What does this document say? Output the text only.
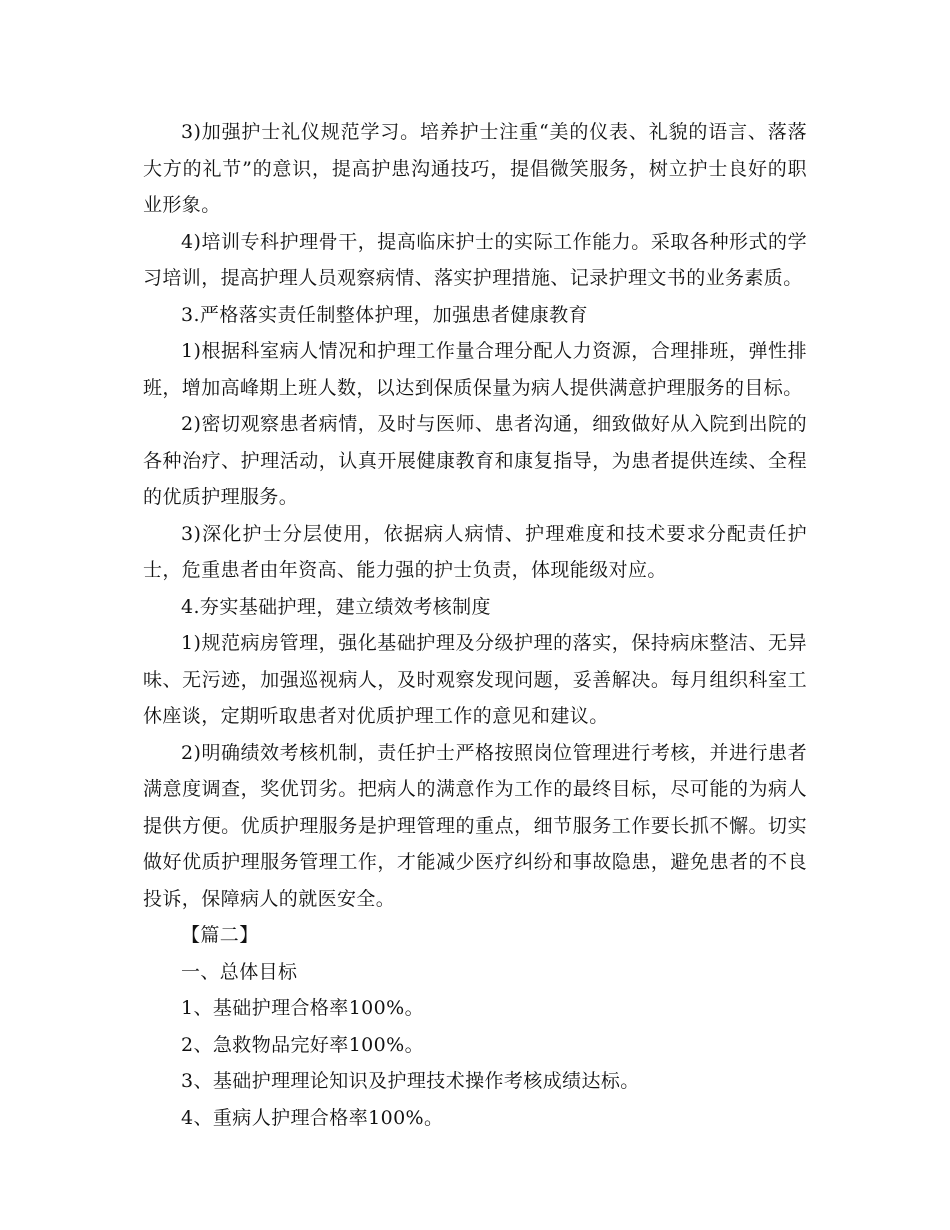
3)加强护士礼仪规范学习。培养护士注重“美的仪表、礼貌的语言、落落大方的礼节”的意识，提高护患沟通技巧，提倡微笑服务，树立护士良好的职业形象。

4)培训专科护理骨干，提高临床护士的实际工作能力。采取各种形式的学习培训，提高护理人员观察病情、落实护理措施、记录护理文书的业务素质。

3.严格落实责任制整体护理，加强患者健康教育

1)根据科室病人情况和护理工作量合理分配人力资源，合理排班，弹性排班，增加高峰期上班人数，以达到保质保量为病人提供满意护理服务的目标。

2)密切观察患者病情，及时与医师、患者沟通，细致做好从入院到出院的各种治疗、护理活动，认真开展健康教育和康复指导，为患者提供连续、全程的优质护理服务。

3)深化护士分层使用，依据病人病情、护理难度和技术要求分配责任护士，危重患者由年资高、能力强的护士负责，体现能级对应。

4.夯实基础护理，建立绩效考核制度

1)规范病房管理，强化基础护理及分级护理的落实，保持病床整洁、无异味、无污迹，加强巡视病人，及时观察发现问题，妥善解决。每月组织科室工休座谈，定期听取患者对优质护理工作的意见和建议。

2)明确绩效考核机制，责任护士严格按照岗位管理进行考核，并进行患者满意度调查，奖优罚劣。把病人的满意作为工作的最终目标，尽可能的为病人提供方便。优质护理服务是护理管理的重点，细节服务工作要长抓不懈。切实做好优质护理服务管理工作，才能减少医疗纠纷和事故隐患，避免患者的不良投诉，保障病人的就医安全。

【篇二】

一、总体目标

1、基础护理合格率100%。

2、急救物品完好率100%。

3、基础护理理论知识及护理技术操作考核成绩达标。

4、重病人护理合格率100%。
